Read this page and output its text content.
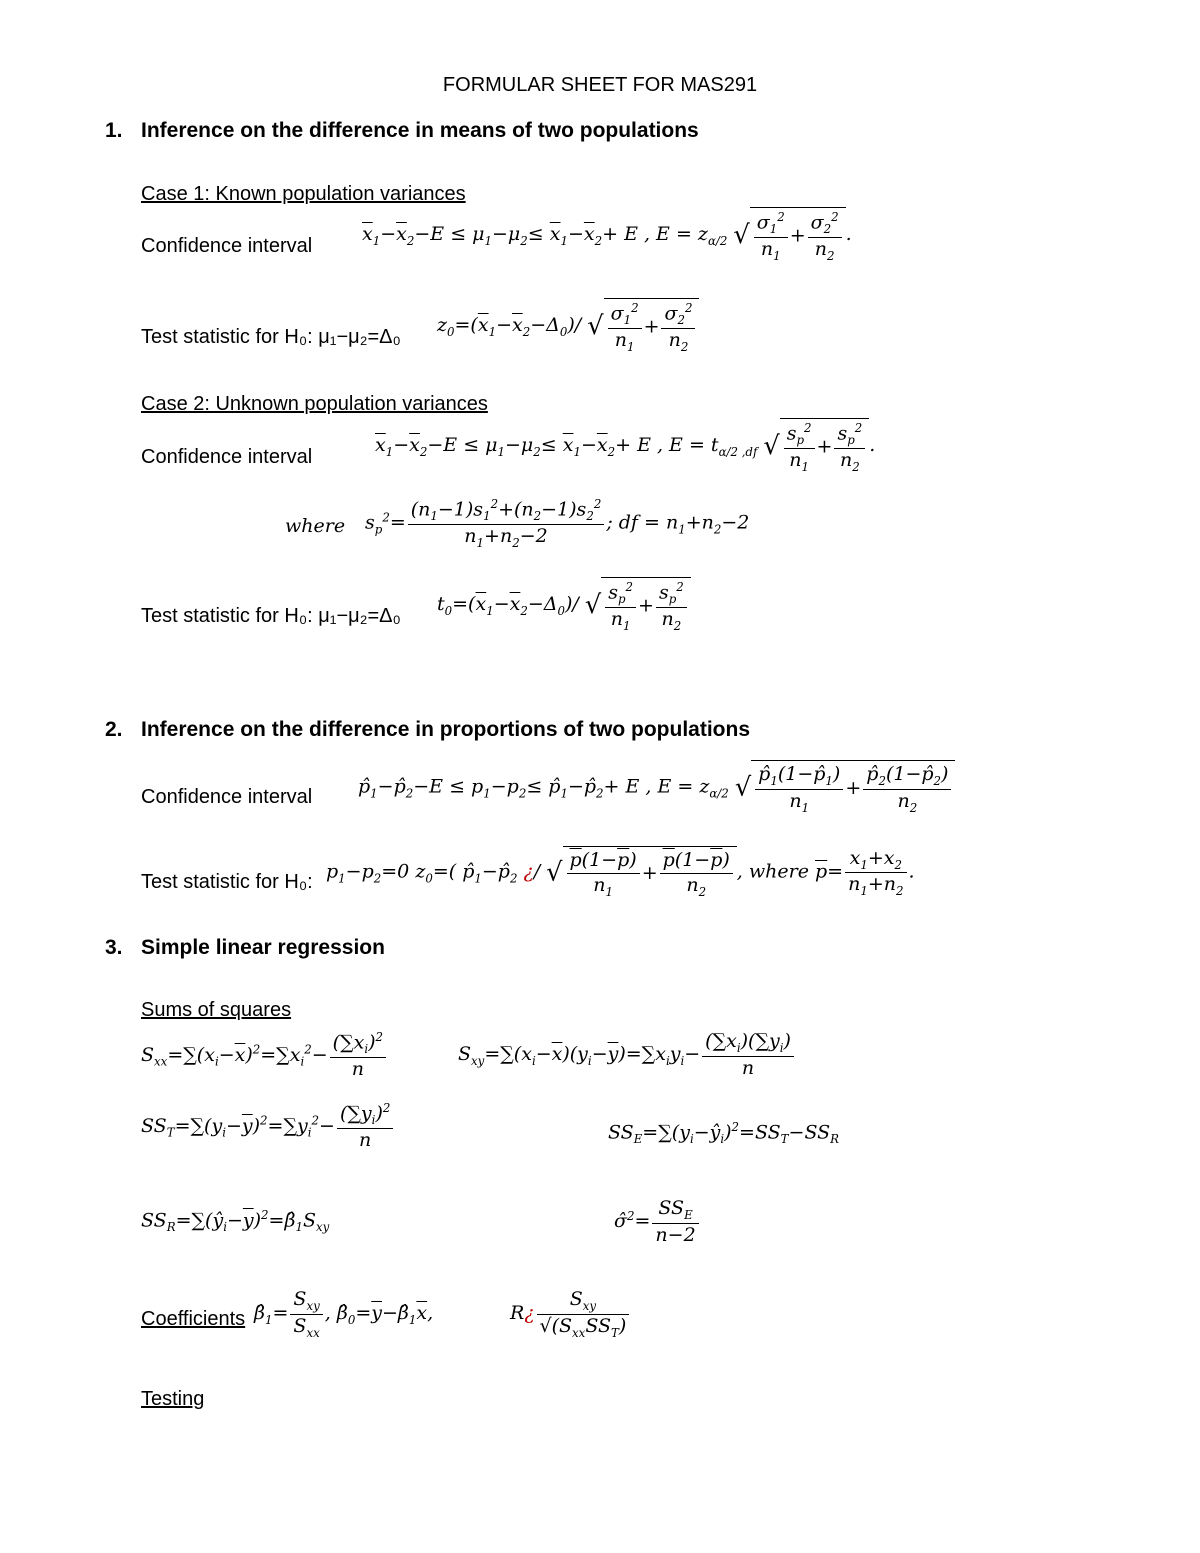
FORMULAR SHEET FOR MAS291
1. Inference on the difference in means of two populations
Case 1: Known population variances
Confidence interval
$\overline{x}_1-\overline{x}_2-E \le \mu_1-\mu_2\le \overline{x}_1-\overline{x}_2+ E$ , $E = z_{\alpha/2}$ √ $\frac{\sigma_1^2}{n_1} + \frac{\sigma_2^2}{n_2}$ .
Test statistic for H₀: μ₁−μ₂=Δ₀
$z_0=(\overline{x}_1-\overline{x}_2-\Delta_0)/$ √ $\frac{\sigma_1^2}{n_1} + \frac{\sigma_2^2}{n_2}$
Case 2: Unknown population variances
Confidence interval
$\overline{x}_1-\overline{x}_2-E \le \mu_1-\mu_2\le \overline{x}_1-\overline{x}_2+ E$ , $E = t_{\alpha/2 ,df}$ √ $\frac{s_p^2}{n_1} + \frac{s_p^2}{n_2}$ .
where $s_p^2= \frac{(n_1-1)s_1^2+(n_2-1)s_2^2}{n_1+n_2-2}$ ; df = $n_1+n_2-2$
Test statistic for H₀: μ₁−μ₂=Δ₀
$t_0=(\overline{x}_1-\overline{x}_2-\Delta_0)/$ √ $\frac{s_p^2}{n_1} + \frac{s_p^2}{n_2}$
2. Inference on the difference in proportions of two populations
Confidence interval $p̂_1-p̂_2-E \le p_1-p_2\le$ $p̂_1-p̂_2+ E$ , $E = z_{\alpha/2}$ √ $\frac{p̂_1(1-p̂_1)}{n_1} + \frac{p̂_2(1-p̂_2)}{n_2}$
Test statistic for H₀: $p_1-p_2=0$ $z_0=$( $p̂_1-p̂_2$ ¿/ √ $\frac{p(1-\overline{p})}{n_1} + \frac{\overline{p}(1-\overline{p})}{n_2}$ , where $\overline{p}= \frac{x_1+x_2}{n_1+n_2}$ .
3. Simple linear regression
Sums of squares
$S_{xx}=\sum(x_i-\overline{x})^2=\sum x_i^2- \frac{(\sum x_i)^2}{n}$	$S_{xy}=\sum(x_i-\overline{x})(y_i-\overline{y})=\sum x_iy_i- \frac{(\sum x_i)(\sum y_i)}{n}$
$SS_T=\sum(y_i-\overline{y})^2=\sum y_i^2- \frac{(\sum y_i)^2}{n}$	$SS_E=\sum(y_i-ŷ_i)^2=SS_T-SS_R$
$SS_R=\sum(ŷ_i-\overline{y})^2=\betâ_1S_{xy}$	σ̂$^2$= $\frac{SS_E}{n-2}$
Coefficients $\betâ_1= \frac{S_{xy}}{S_{xx}}$ , $\betâ_0=\overline{y}-\betâ_1\overline{x}$,	R¿ $\frac{S_{xy}}{√(S_{xx}SS_T)}$
Testing
